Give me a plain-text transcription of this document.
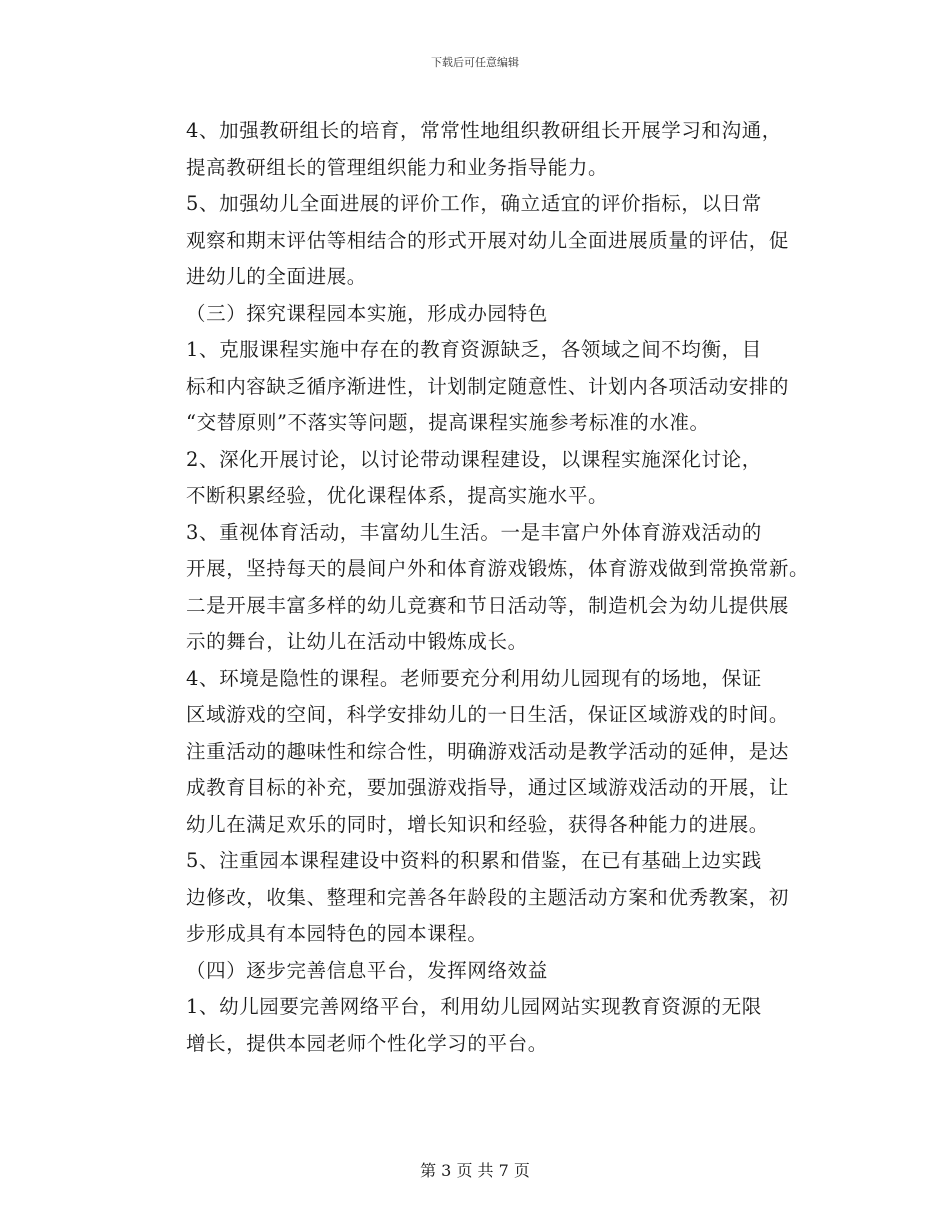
下载后可任意编辑

4、加强教研组长的培育，常常性地组织教研组长开展学习和沟通，
提高教研组长的管理组织能力和业务指导能力。

5、加强幼儿全面进展的评价工作，确立适宜的评价指标，以日常
观察和期末评估等相结合的形式开展对幼儿全面进展质量的评估，促
进幼儿的全面进展。

（三）探究课程园本实施，形成办园特色

1、克服课程实施中存在的教育资源缺乏，各领域之间不均衡，目
标和内容缺乏循序渐进性，计划制定随意性、计划内各项活动安排的
“交替原则”不落实等问题，提高课程实施参考标准的水准。

2、深化开展讨论，以讨论带动课程建设，以课程实施深化讨论，
不断积累经验，优化课程体系，提高实施水平。

3、重视体育活动，丰富幼儿生活。一是丰富户外体育游戏活动的
开展，坚持每天的晨间户外和体育游戏锻炼，体育游戏做到常换常新。
二是开展丰富多样的幼儿竞赛和节日活动等，制造机会为幼儿提供展
示的舞台，让幼儿在活动中锻炼成长。

4、环境是隐性的课程。老师要充分利用幼儿园现有的场地，保证
区域游戏的空间，科学安排幼儿的一日生活，保证区域游戏的时间。
注重活动的趣味性和综合性，明确游戏活动是教学活动的延伸，是达
成教育目标的补充，要加强游戏指导，通过区域游戏活动的开展，让
幼儿在满足欢乐的同时，增长知识和经验，获得各种能力的进展。

5、注重园本课程建设中资料的积累和借鉴，在已有基础上边实践
边修改，收集、整理和完善各年龄段的主题活动方案和优秀教案，初
步形成具有本园特色的园本课程。

（四）逐步完善信息平台，发挥网络效益

1、幼儿园要完善网络平台，利用幼儿园网站实现教育资源的无限
增长，提供本园老师个性化学习的平台。

第 3 页 共 7 页
